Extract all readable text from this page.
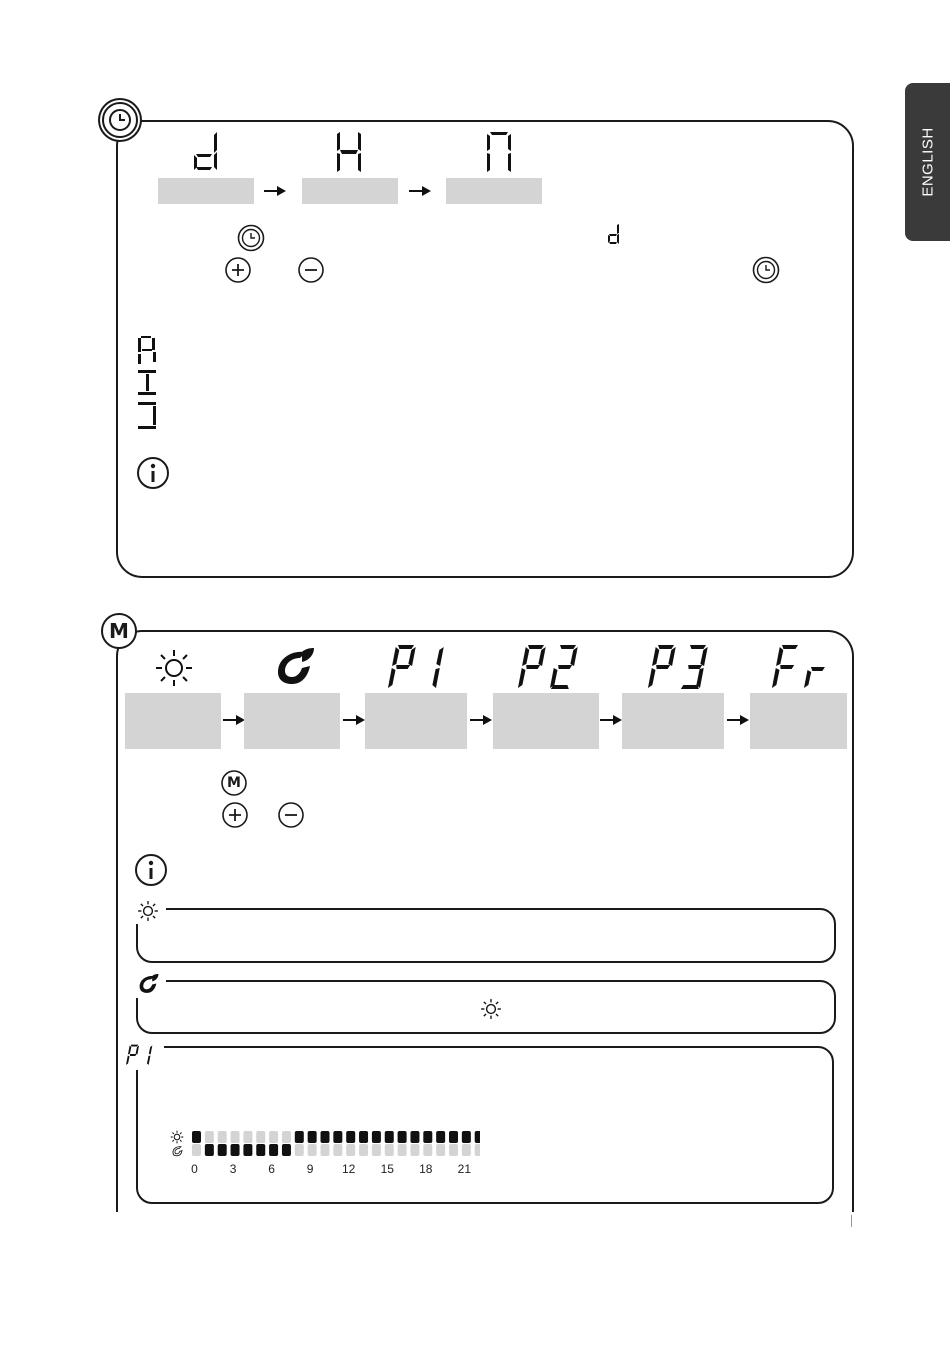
ENGLISH
M
M
0	3	6	9 12 15 18 21
